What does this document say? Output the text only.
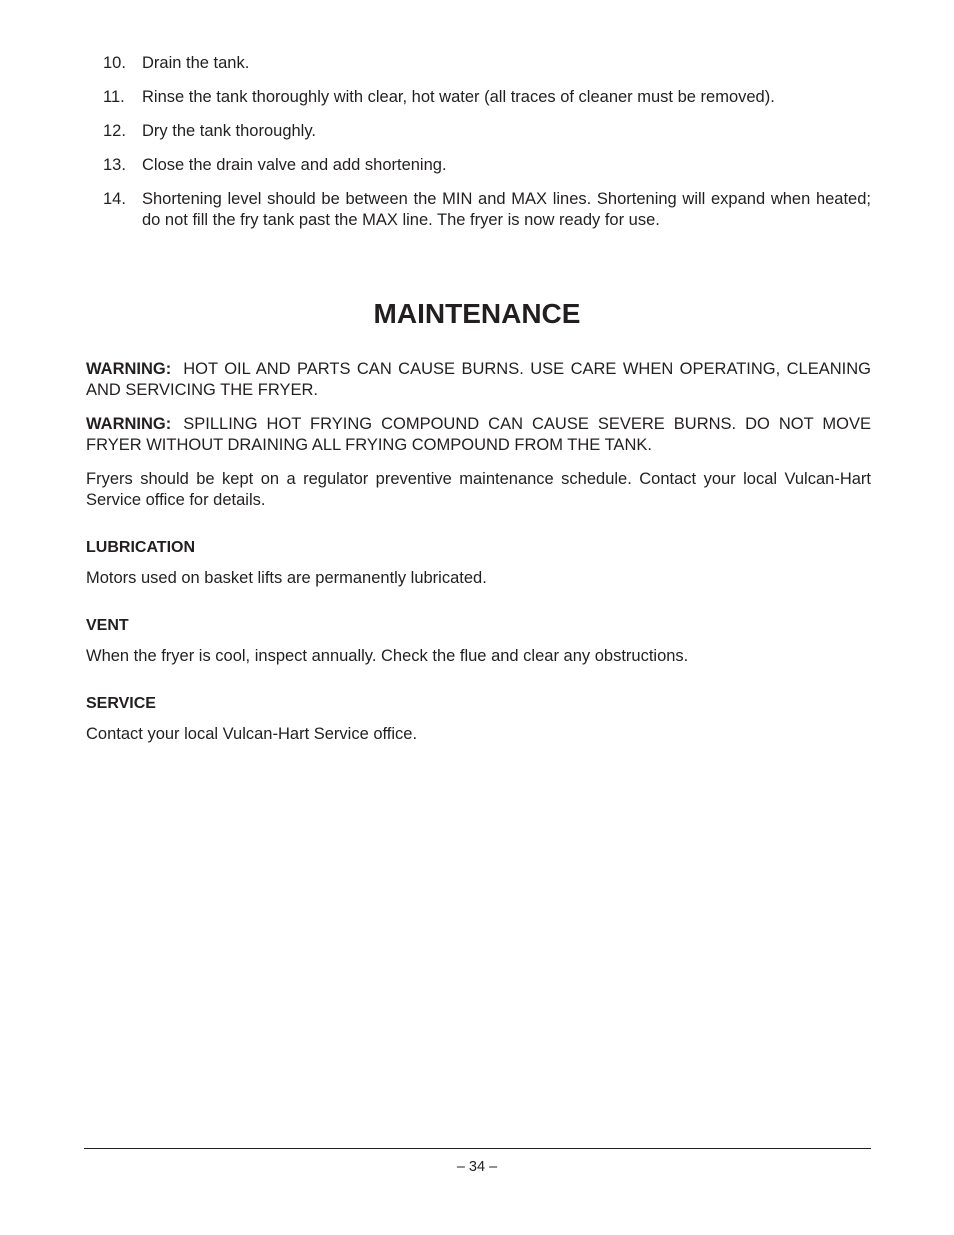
10. Drain the tank.
11.	Rinse the tank thoroughly with clear, hot water (all traces of cleaner must be removed).
12. Dry the tank thoroughly.
13. Close the drain valve and add shortening.
14. Shortening level should be between the MIN and MAX lines. Shortening will expand when heated; do not fill the fry tank past the MAX line. The fryer is now ready for use.
MAINTENANCE

WARNING: HOT OIL AND PARTS CAN CAUSE BURNS. USE CARE WHEN OPERATING, CLEANING AND SERVICING THE FRYER.

WARNING: SPILLING HOT FRYING COMPOUND CAN CAUSE SEVERE BURNS. DO NOT MOVE FRYER WITHOUT DRAINING ALL FRYING COMPOUND FROM THE TANK.

Fryers should be kept on a regulator preventive maintenance schedule. Contact your local Vulcan-Hart Service office for details.

LUBRICATION

Motors used on basket lifts are permanently lubricated.

VENT

When the fryer is cool, inspect annually. Check the flue and clear any obstructions.

SERVICE

Contact your local Vulcan-Hart Service office.

– 34 –
